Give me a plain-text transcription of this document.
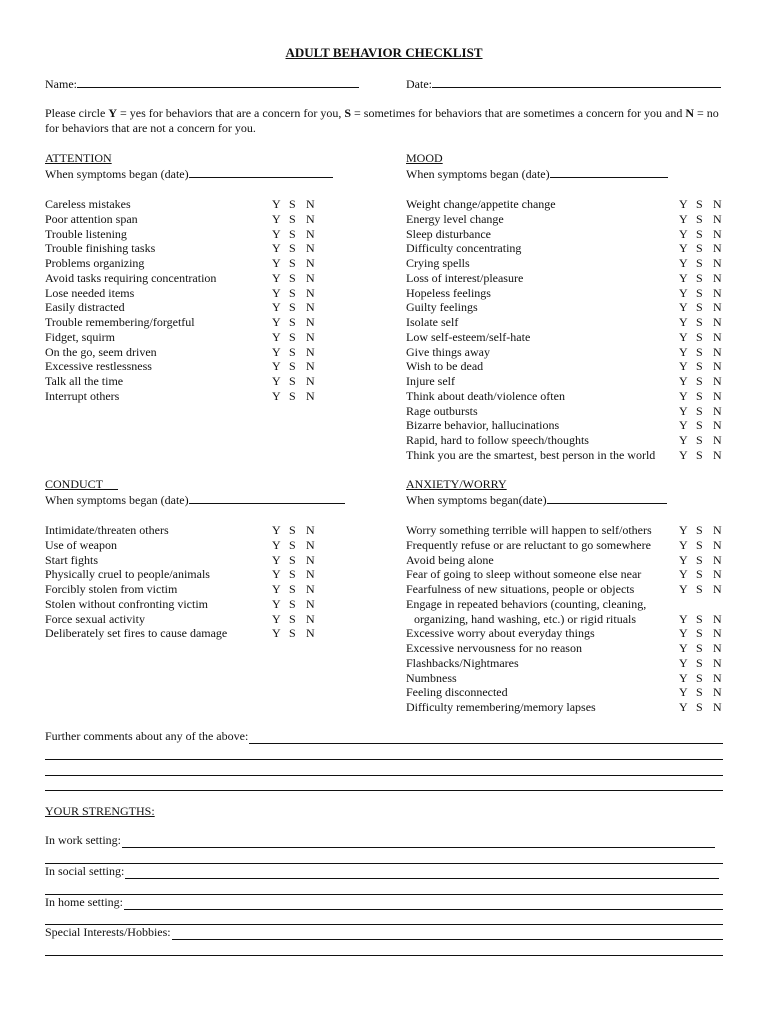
ADULT BEHAVIOR CHECKLIST
Name:	Date:
Please circle Y = yes for behaviors that are a concern for you, S = sometimes for behaviors that are sometimes a concern for you and N = no for behaviors that are not a concern for you.
ATTENTION
When symptoms began (date)
Careless mistakes	Y S N
Poor attention span	Y S N
Trouble listening	Y S N
Trouble finishing tasks	Y S N
Problems organizing	Y S N
Avoid tasks requiring concentration	Y S N
Lose needed items	Y S N
Easily distracted	Y S N
Trouble remembering/forgetful	Y S N
Fidget, squirm	Y S N
On the go, seem driven	Y S N
Excessive restlessness	Y S N
Talk all the time	Y S N
Interrupt others	Y S N
MOOD
When symptoms began (date)
Weight change/appetite change	Y S N
Energy level change	Y S N
Sleep disturbance	Y S N
Difficulty concentrating	Y S N
Crying spells	Y S N
Loss of interest/pleasure	Y S N
Hopeless feelings	Y S N
Guilty feelings	Y S N
Isolate self	Y S N
Low self-esteem/self-hate	Y S N
Give things away	Y S N
Wish to be dead	Y S N
Injure self	Y S N
Think about death/violence often	Y S N
Rage outbursts	Y S N
Bizarre behavior, hallucinations	Y S N
Rapid, hard to follow speech/thoughts	Y S N
Think you are the smartest, best person in the world Y S N
CONDUCT
When symptoms began (date)
Intimidate/threaten others	Y S N
Use of weapon	Y S N
Start fights	Y S N
Physically cruel to people/animals	Y S N
Forcibly stolen from victim	Y S N
Stolen without confronting victim	Y S N
Force sexual activity	Y S N
Deliberately set fires to cause damage	Y S N
ANXIETY/WORRY
When symptoms began(date)
Worry something terrible will happen to self/others Y S N
Frequently refuse or are reluctant to go somewhere Y S N
Avoid being alone	Y S N
Fear of going to sleep without someone else near	Y S N
Fearfulness of new situations, people or objects	Y S N
Engage in repeated behaviors (counting, cleaning,
organizing, hand washing, etc.) or rigid rituals	Y S N
Excessive worry about everyday things	Y S N
Excessive nervousness for no reason	Y S N
Flashbacks/Nightmares	Y S N
Numbness	Y S N
Feeling disconnected	Y S N
Difficulty remembering/memory lapses	Y S N
Further comments about any of the above:
YOUR STRENGTHS:
In work setting:
In social setting:
In home setting:
Special Interests/Hobbies:
